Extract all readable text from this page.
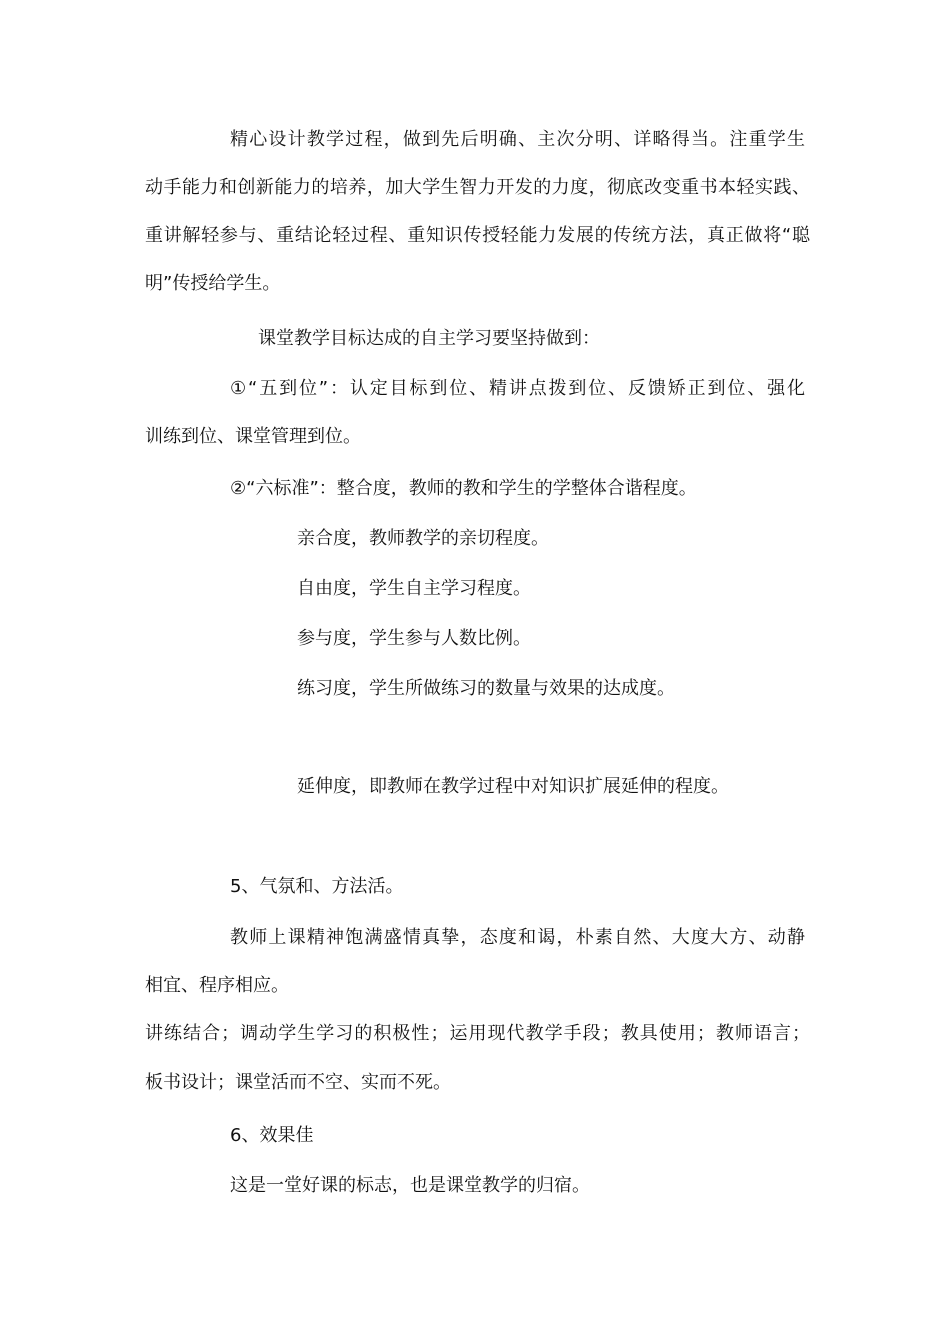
精心设计教学过程，做到先后明确、主次分明、详略得当。注重学生

动手能力和创新能力的培养，加大学生智力开发的力度，彻底改变重书本轻实践、

重讲解轻参与、重结论轻过程、重知识传授轻能力发展的传统方法，真正做将“聪

明”传授给学生。

课堂教学目标达成的自主学习要坚持做到：

①“五到位”：认定目标到位、精讲点拨到位、反馈矫正到位、强化

训练到位、课堂管理到位。

②“六标准”：整合度，教师的教和学生的学整体合谐程度。

亲合度，教师教学的亲切程度。

自由度，学生自主学习程度。

参与度，学生参与人数比例。

练习度，学生所做练习的数量与效果的达成度。

延伸度，即教师在教学过程中对知识扩展延伸的程度。

5、气氛和、方法活。

教师上课精神饱满盛情真挚，态度和谒，朴素自然、大度大方、动静

相宜、程序相应。

讲练结合；调动学生学习的积极性；运用现代教学手段；教具使用；教师语言；

板书设计；课堂活而不空、实而不死。

6、效果佳

这是一堂好课的标志，也是课堂教学的归宿。
